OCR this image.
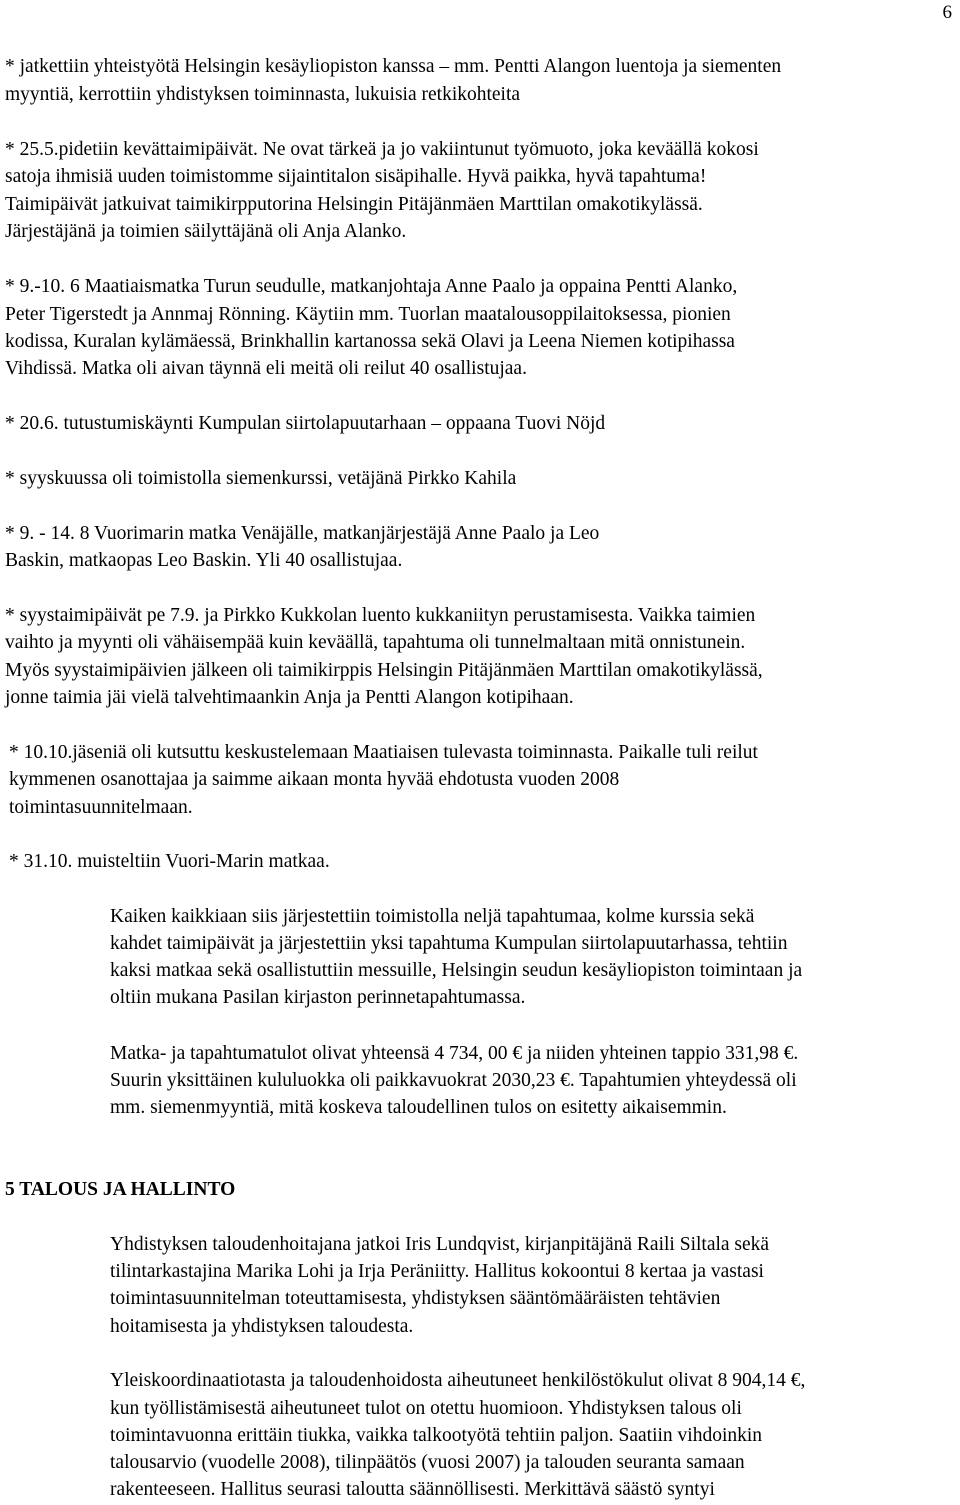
6
* jatkettiin yhteistyötä Helsingin kesäyliopiston kanssa – mm. Pentti Alangon luentoja ja siementen
myyntiä, kerrottiin yhdistyksen toiminnasta, lukuisia retkikohteita
* 25.5.pidetiin kevättaimipäivät. Ne ovat tärkeä ja jo vakiintunut työmuoto, joka keväällä kokosi
satoja ihmisiä uuden toimistomme sijaintitalon sisäpihalle. Hyvä paikka, hyvä tapahtuma!
Taimipäivät jatkuivat taimikirpputorina Helsingin Pitäjänmäen Marttilan omakotikylässä.
Järjestäjänä ja toimien säilyttäjänä oli Anja Alanko.
* 9.-10. 6 Maatiaismatka Turun seudulle, matkanjohtaja Anne Paalo ja oppaina Pentti Alanko,
Peter Tigerstedt ja Annmaj Rönning. Käytiin mm. Tuorlan maatalousoppilaitoksessa, pionien
kodissa, Kuralan kylämäessä, Brinkhallin kartanossa sekä Olavi ja Leena Niemen kotipihassa
Vihdissä. Matka oli aivan täynnä eli meitä oli reilut 40 osallistujaa.
* 20.6. tutustumiskäynti Kumpulan siirtolapuutarhaan – oppaana Tuovi Nöjd
* syyskuussa oli toimistolla siemenkurssi, vetäjänä Pirkko Kahila
* 9. - 14. 8 Vuorimarin matka Venäjälle, matkanjärjestäjä Anne Paalo ja Leo
Baskin, matkaopas Leo Baskin. Yli 40 osallistujaa.
* syystaimipäivät pe 7.9. ja Pirkko Kukkolan luento kukkaniityn perustamisesta. Vaikka taimien
vaihto ja myynti oli vähäisempää kuin keväällä, tapahtuma oli tunnelmaltaan mitä onnistunein.
Myös syystaimipäivien jälkeen oli taimikirppis Helsingin Pitäjänmäen Marttilan omakotikylässä,
jonne taimia jäi vielä talvehtimaankin Anja ja Pentti Alangon kotipihaan.
* 10.10.jäseniä oli kutsuttu keskustelemaan Maatiaisen tulevasta toiminnasta. Paikalle tuli reilut
kymmenen osanottajaa ja saimme aikaan monta hyvää ehdotusta vuoden 2008
toimintasuunnitelmaan.
* 31.10. muisteltiin Vuori-Marin matkaa.
Kaiken kaikkiaan siis järjestettiin toimistolla neljä tapahtumaa, kolme kurssia sekä
kahdet taimipäivät ja järjestettiin yksi tapahtuma Kumpulan siirtolapuutarhassa, tehtiin
kaksi matkaa sekä osallistuttiin messuille, Helsingin seudun kesäyliopiston toimintaan ja
oltiin mukana Pasilan kirjaston perinnetapahtumassa.
Matka- ja tapahtumatulot olivat yhteensä 4 734, 00 € ja niiden yhteinen tappio 331,98 €.
Suurin yksittäinen kululuokka oli paikkavuokrat 2030,23 €. Tapahtumien yhteydessä oli
mm. siemenmyyntiä, mitä koskeva taloudellinen tulos on esitetty aikaisemmin.
5 TALOUS JA HALLINTO
Yhdistyksen taloudenhoitajana jatkoi Iris Lundqvist, kirjanpitäjänä Raili Siltala sekä
tilintarkastajina Marika Lohi ja Irja Peräniitty. Hallitus kokoontui 8 kertaa ja vastasi
toimintasuunnitelman toteuttamisesta, yhdistyksen sääntömääräisten tehtävien
hoitamisesta ja yhdistyksen taloudesta.
Yleiskoordinaatiotasta ja taloudenhoidosta aiheutuneet henkilöstökulut olivat 8 904,14 €,
kun työllistämisestä aiheutuneet tulot on otettu huomioon. Yhdistyksen talous oli
toimintavuonna erittäin tiukka, vaikka talkootyötä tehtiin paljon. Saatiin vihdoinkin
talousarvio (vuodelle 2008), tilinpäätös (vuosi 2007) ja talouden seuranta samaan
rakenteeseen. Hallitus seurasi taloutta säännöllisesti. Merkittävä säästö syntyi
